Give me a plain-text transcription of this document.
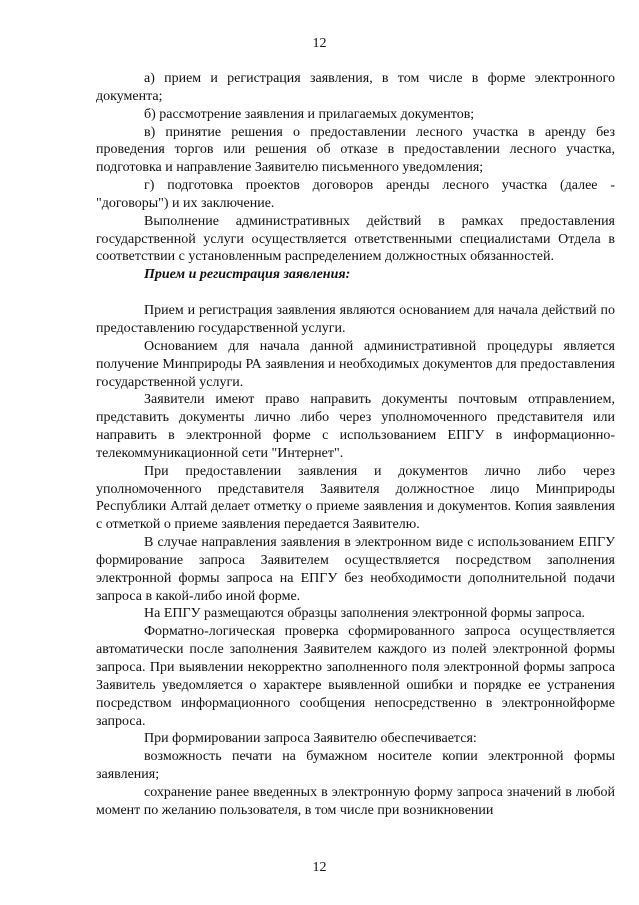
12

а) прием и регистрация заявления, в том числе в форме электронного документа;

б) рассмотрение заявления и прилагаемых документов;

в) принятие решения о предоставлении лесного участка в аренду без проведения торгов или решения об отказе в предоставлении лесного участка, подготовка и направление Заявителю письменного уведомления;

г) подготовка проектов договоров аренды лесного участка (далее - "договоры") и их заключение.

Выполнение административных действий в рамках предоставления государственной услуги осуществляется ответственными специалистами Отдела в соответствии с установленным распределением должностных обязанностей.

Прием и регистрация заявления:

Прием и регистрация заявления являются основанием для начала действий по предоставлению государственной услуги.

Основанием для начала данной административной процедуры является получение Минприроды РА заявления и необходимых документов для предоставления государственной услуги.

Заявители имеют право направить документы почтовым отправлением, представить документы лично либо через уполномоченного представителя или направить в электронной форме с использованием ЕПГУ в информационно-телекоммуникационной сети "Интернет".

При предоставлении заявления и документов лично либо через уполномоченного представителя Заявителя должностное лицо Минприроды Республики Алтай делает отметку о приеме заявления и документов. Копия заявления с отметкой о приеме заявления передается Заявителю.

В случае направления заявления в электронном виде с использованием ЕПГУ формирование запроса Заявителем осуществляется посредством заполнения электронной формы запроса на ЕПГУ без необходимости дополнительной подачи запроса в какой-либо иной форме.

На ЕПГУ размещаются образцы заполнения электронной формы запроса.

Форматно-логическая проверка сформированного запроса осуществляется автоматически после заполнения Заявителем каждого из полей электронной формы запроса. При выявлении некорректно заполненного поля электронной формы запроса Заявитель уведомляется о характере выявленной ошибки и порядке ее устранения посредством информационного сообщения непосредственно в электроннойформе запроса.

При формировании запроса Заявителю обеспечивается:

возможность печати на бумажном носителе копии электронной формы заявления;

сохранение ранее введенных в электронную форму запроса значений в любой момент по желанию пользователя, в том числе при возникновении

12
